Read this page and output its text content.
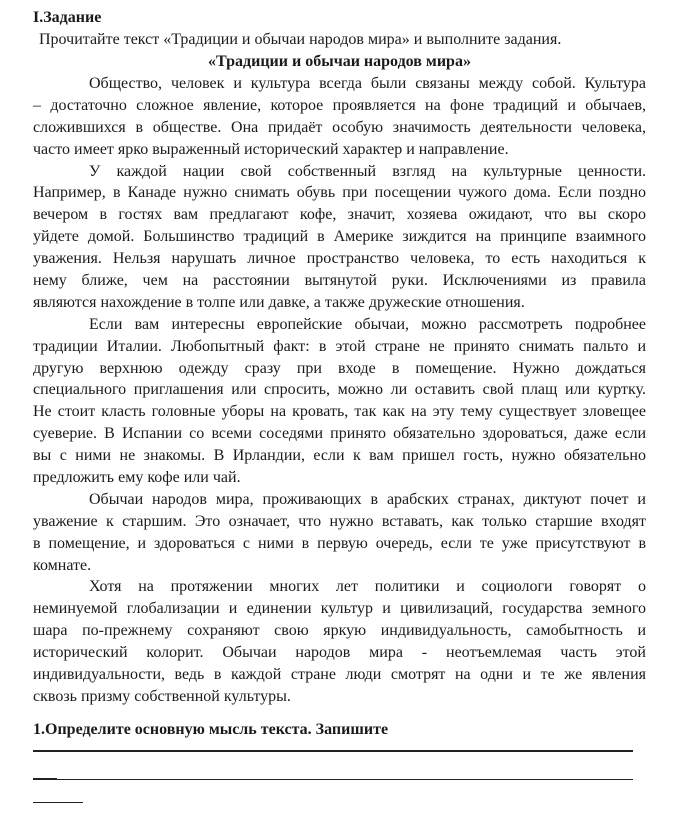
I.Задание
Прочитайте текст «Традиции и обычаи народов мира» и выполните задания.
«Традиции и обычаи народов мира»
Общество, человек и культура всегда были связаны между собой. Культура
– достаточно сложное явление, которое проявляется на фоне традиций и обычаев,
сложившихся в обществе. Она придаёт особую значимость деятельности человека,
часто имеет ярко выраженный исторический характер и направление.
У каждой нации свой собственный взгляд на культурные ценности.
Например, в Канаде нужно снимать обувь при посещении чужого дома. Если поздно
вечером в гостях вам предлагают кофе, значит, хозяева ожидают, что вы скоро
уйдете домой. Большинство традиций в Америке зиждится на принципе взаимного
уважения. Нельзя нарушать личное пространство человека, то есть находиться к
нему ближе, чем на расстоянии вытянутой руки. Исключениями из правила
являются нахождение в толпе или давке, а также дружеские отношения.
Если вам интересны европейские обычаи, можно рассмотреть подробнее
традиции Италии. Любопытный факт: в этой стране не принято снимать пальто и
другую верхнюю одежду сразу при входе в помещение. Нужно дождаться
специального приглашения или спросить, можно ли оставить свой плащ или куртку.
Не стоит класть головные уборы на кровать, так как на эту тему существует зловещее
суеверие. В Испании со всеми соседями принято обязательно здороваться, даже если
вы с ними не знакомы. В Ирландии, если к вам пришел гость, нужно обязательно
предложить ему кофе или чай.
Обычаи народов мира, проживающих в арабских странах, диктуют почет и
уважение к старшим. Это означает, что нужно вставать, как только старшие входят
в помещение, и здороваться с ними в первую очередь, если те уже присутствуют в
комнате.
Хотя на протяжении многих лет политики и социологи говорят о
неминуемой глобализации и единении культур и цивилизаций, государства земного
шара по-прежнему сохраняют свою яркую индивидуальность, самобытность и
исторический колорит. Обычаи народов мира - неотъемлемая часть этой
индивидуальности, ведь в каждой стране люди смотрят на одни и те же явления
сквозь призму собственной культуры.
1.Определите основную мысль текста. Запишите
